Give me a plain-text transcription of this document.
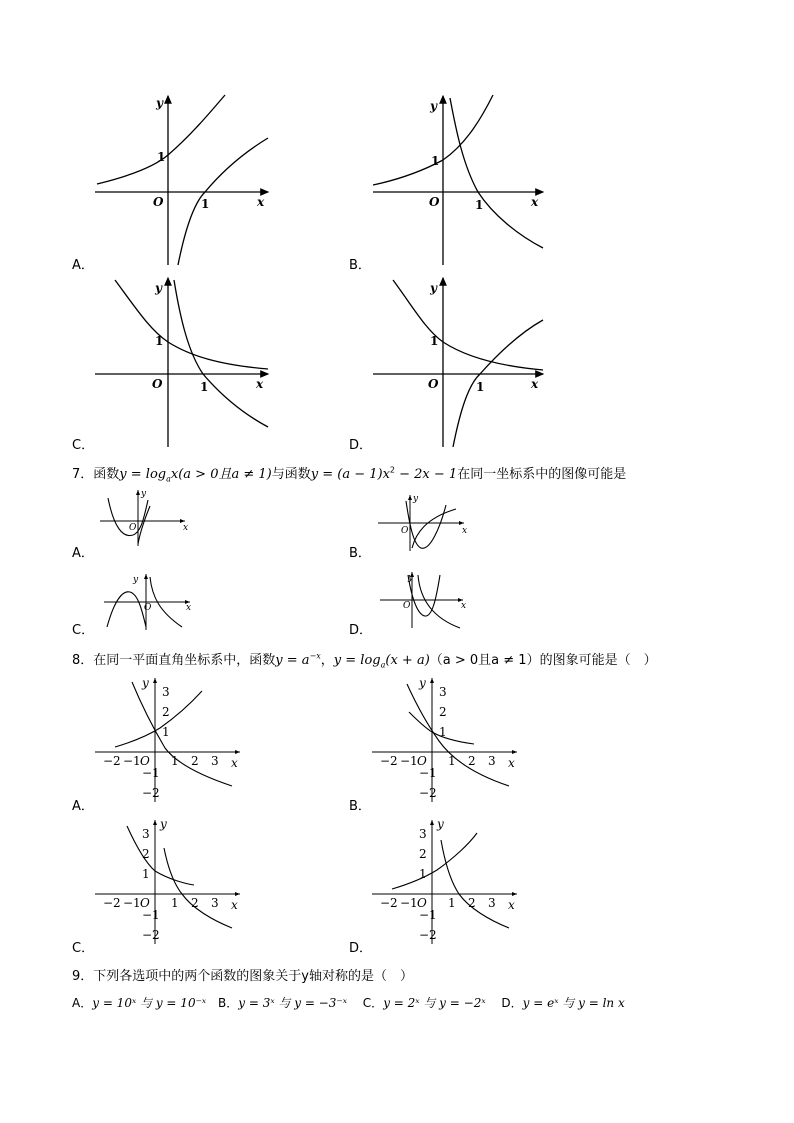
y
x
O
1
1
A．
y
x
O
1
1
B．
y
x
O
1
1
C．
y
x
O
1
1
D．
7．函数$y = \log_ax(a > 0$且a ≠ 1)与函数$y = (a - 1)x^2 - 2x - 1$在同一坐标系中的图像可能是
y
x
O
A．
y
x
O
B．
y
x
O
C．
y
x
O
D．
8．在同一平面直角坐标系中，函数$y = a^{-x}$，$y = \log_a(x + a)(a > 0$且a ≠ 1）的图象可能是（　）
y
x
O
−2 −1	1 2 3
3
2
1
−1
−2
A．
y
x
O
−2 −1	1 2 3
3
2
1
−1
−2
B．
y
x
O
−2 −1	1 2 3
3
2
1
−1
−2
C．
y
x
O
−2 −1	1 2 3
3
2
1
−1
−2
D．
9．下列各选项中的两个函数的图象关于y轴对称的是（　）
A．y = 10ˣ 与 y = 10⁻ˣ B．y = 3ˣ 与 y = −3⁻ˣ C．y = 2ˣ 与 y = −2ˣ D．y = eˣ 与 y = ln x
